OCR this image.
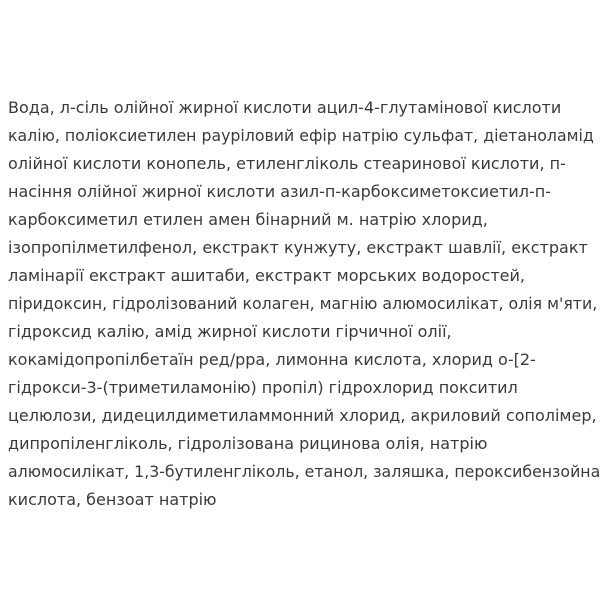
Вода, л-сіль олійної жирної кислоти ацил-4-глутамінової кислоти
калію, поліоксиетилен раурiловий ефір натрію сульфат, діетаноламід
олійної кислоти конопель, етиленгліколь стеаринової кислоти, п-
насіння олійної жирної кислоти азил-п-карбоксиметоксиетил-п-
карбоксиметил етилен амен бінарний м. натрію хлорид,
ізопропілметилфенол, екстракт кунжуту, екстракт шавлії, екстракт
ламінарії екстракт ашитаби, екстракт морських водоростей,
піридоксин, гідролізований колаген, магнію алюмосилікат, олія м'яти,
гідроксид калію, амід жирної кислоти гірчичної олії,
кокамідопропілбетаїн ред/рра, лимонна кислота, хлорид о-[2-
гідрокси-3-(триметиламонію) пропіл) гідрохлорид покситил
целюлози, дидецилдиметиламмонний хлорид, акриловий сополімер,
дипропіленгліколь, гідролізована рицинова олія, натрію
алюмосилікат, 1,3-бутиленгліколь, етанол, заляшка, пероксибензойна
кислота, бензоат натрію
